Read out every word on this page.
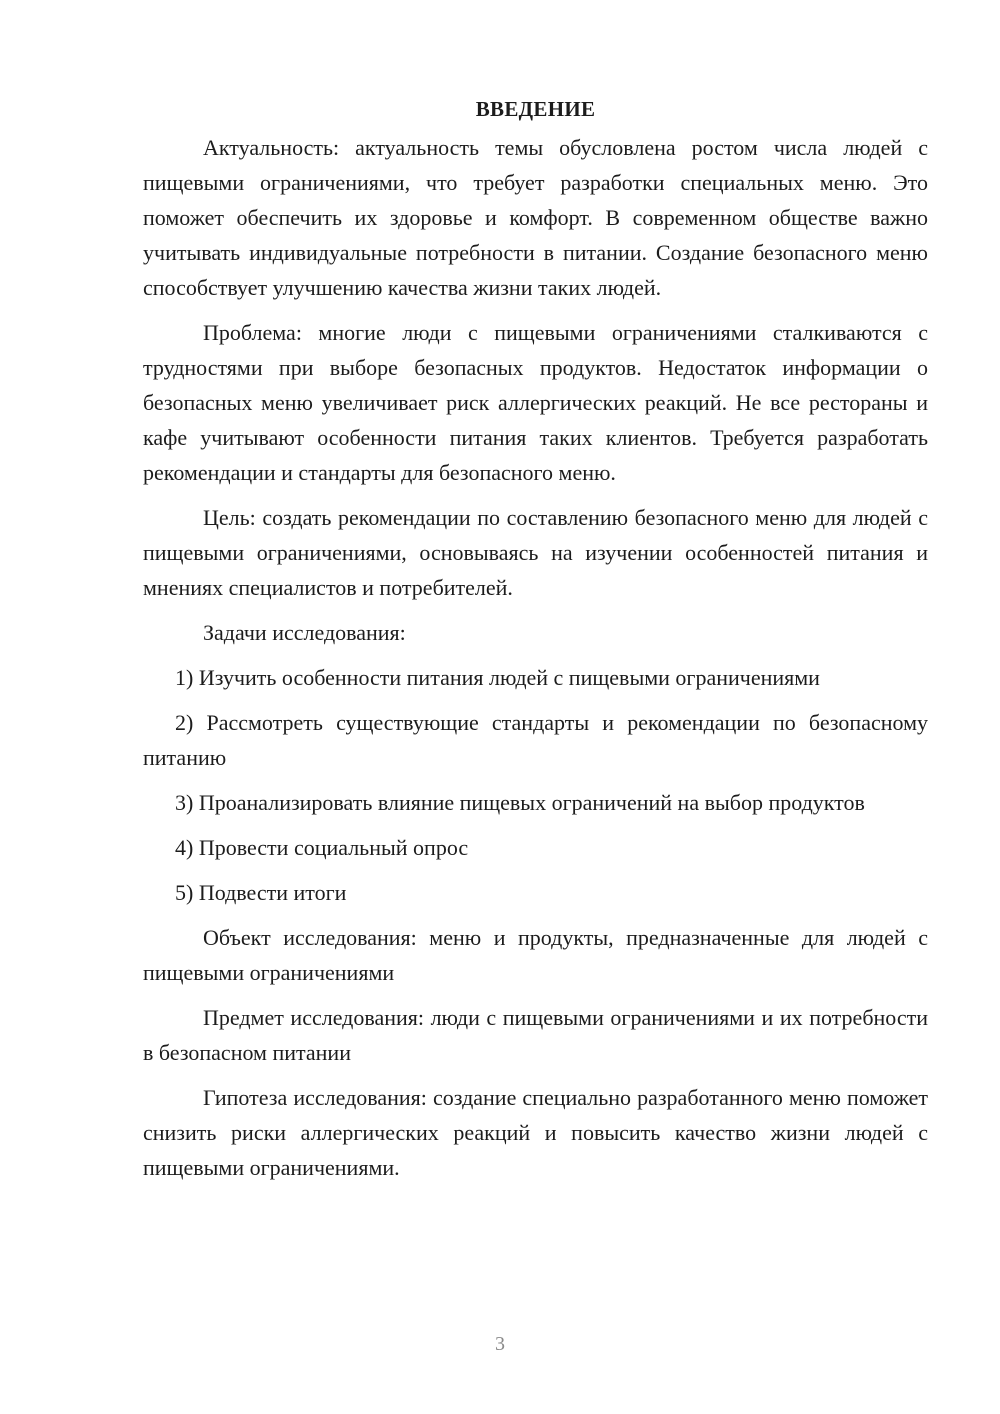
ВВЕДЕНИЕ

Актуальность: актуальность темы обусловлена ростом числа людей с пищевыми ограничениями, что требует разработки специальных меню. Это поможет обеспечить их здоровье и комфорт. В современном обществе важно учитывать индивидуальные потребности в питании. Создание безопасного меню способствует улучшению качества жизни таких людей.

Проблема: многие люди с пищевыми ограничениями сталкиваются с трудностями при выборе безопасных продуктов. Недостаток информации о безопасных меню увеличивает риск аллергических реакций. Не все рестораны и кафе учитывают особенности питания таких клиентов. Требуется разработать рекомендации и стандарты для безопасного меню.

Цель: создать рекомендации по составлению безопасного меню для людей с пищевыми ограничениями, основываясь на изучении особенностей питания и мнениях специалистов и потребителей.

Задачи исследования:

1) Изучить особенности питания людей с пищевыми ограничениями

2) Рассмотреть существующие стандарты и рекомендации по безопасному питанию

3) Проанализировать влияние пищевых ограничений на выбор продуктов

4) Провести социальный опрос

5) Подвести итоги

Объект исследования: меню и продукты, предназначенные для людей с пищевыми ограничениями

Предмет исследования: люди с пищевыми ограничениями и их потребности в безопасном питании

Гипотеза исследования: создание специально разработанного меню поможет снизить риски аллергических реакций и повысить качество жизни людей с пищевыми ограничениями.

3
